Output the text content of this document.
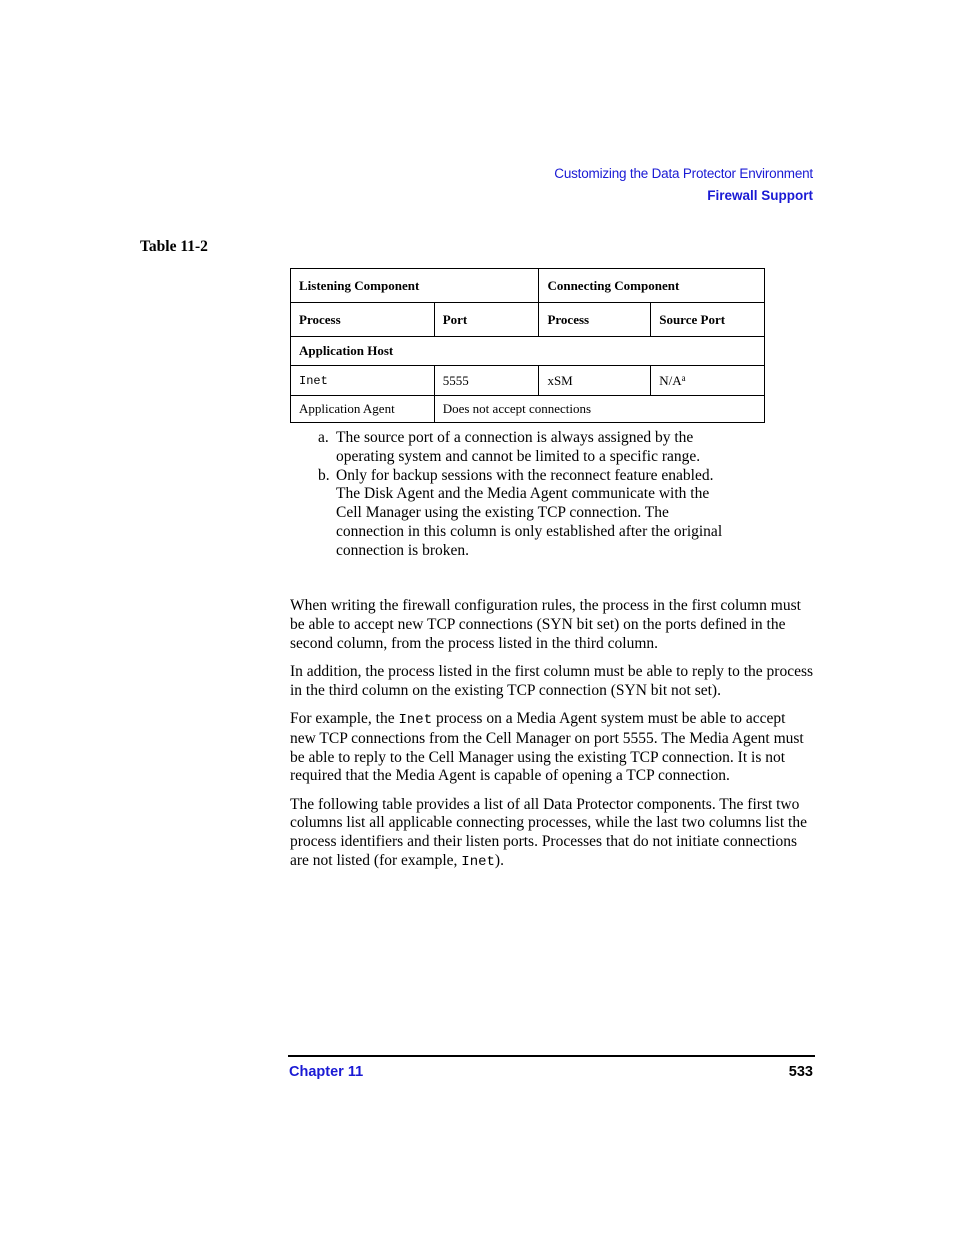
Customizing the Data Protector Environment
Firewall Support
Table 11-2
Listening Component		Connecting Component	
Process	Port	Process	Source Port
Application Host			
Inet	5555	xSM	$N/A^a$
Application Agent	Does not accept connections		
a. The source port of a connection is always assigned by the operating system and cannot be limited to a specific range.
b. Only for backup sessions with the reconnect feature enabled. The Disk Agent and the Media Agent communicate with the Cell Manager using the existing TCP connection. The connection in this column is only established after the original connection is broken.

When writing the firewall configuration rules, the process in the first column must be able to accept new TCP connections (SYN bit set) on the ports defined in the second column, from the process listed in the third column.

In addition, the process listed in the first column must be able to reply to the process in the third column on the existing TCP connection (SYN bit not set).

For example, the Inet process on a Media Agent system must be able to accept new TCP connections from the Cell Manager on port 5555. The Media Agent must be able to reply to the Cell Manager using the existing TCP connection. It is not required that the Media Agent is capable of opening a TCP connection.

The following table provides a list of all Data Protector components. The first two columns list all applicable connecting processes, while the last two columns list the process identifiers and their listen ports. Processes that do not initiate connections are not listed (for example, Inet).

Chapter 11	533
